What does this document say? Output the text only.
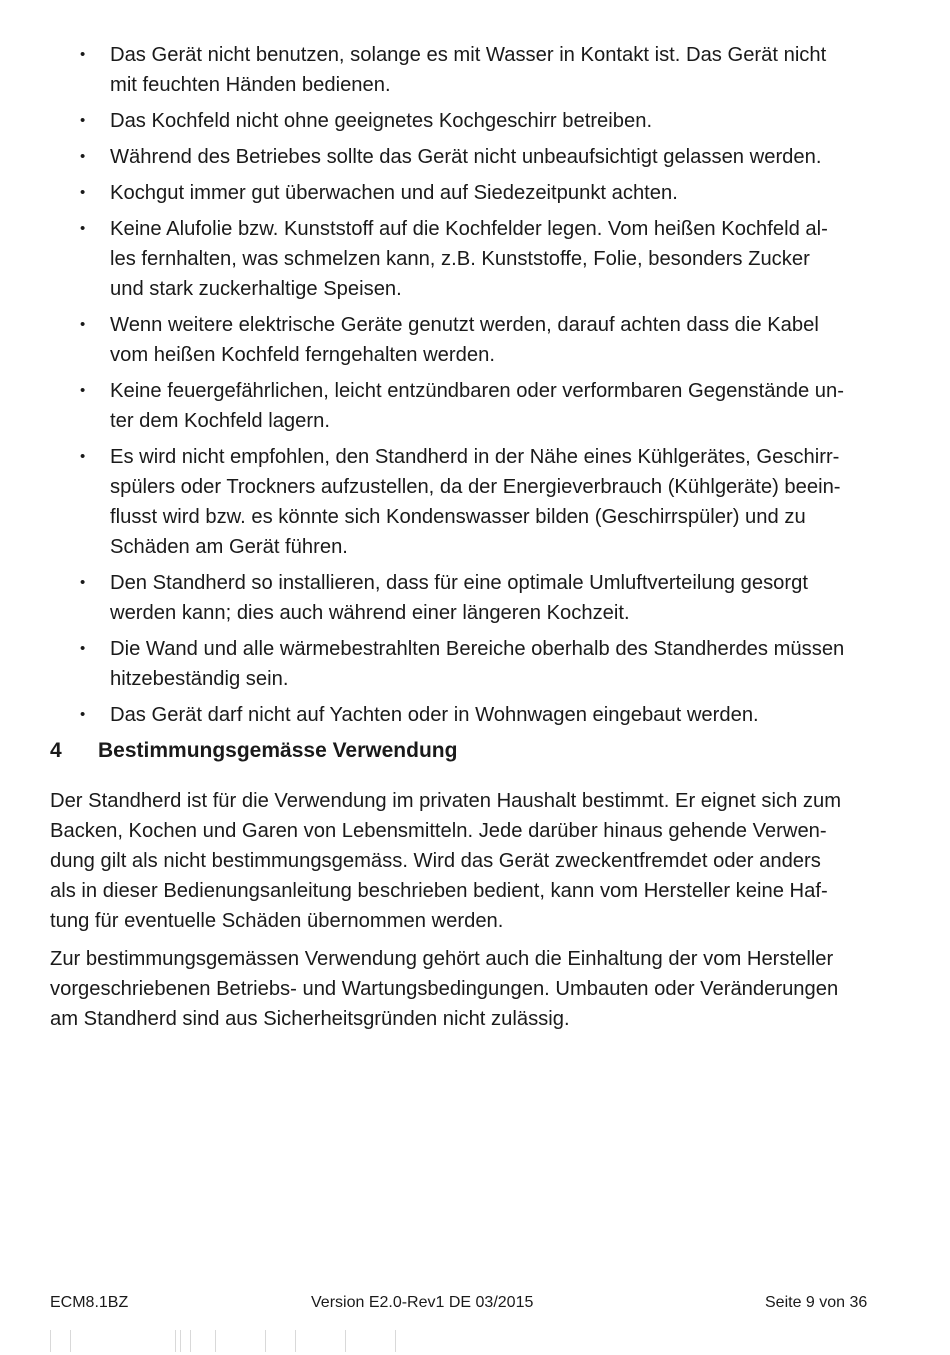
• Das Gerät nicht benutzen, solange es mit Wasser in Kontakt ist. Das Gerät nicht
mit feuchten Händen bedienen.
• Das Kochfeld nicht ohne geeignetes Kochgeschirr betreiben.
• Während des Betriebes sollte das Gerät nicht unbeaufsichtigt gelassen werden.
• Kochgut immer gut überwachen und auf Siedezeitpunkt achten.
• Keine Alufolie bzw. Kunststoff auf die Kochfelder legen. Vom heißen Kochfeld al-
les fernhalten, was schmelzen kann, z.B. Kunststoffe, Folie, besonders Zucker
und stark zuckerhaltige Speisen.
• Wenn weitere elektrische Geräte genutzt werden, darauf achten dass die Kabel
vom heißen Kochfeld ferngehalten werden.
• Keine feuergefährlichen, leicht entzündbaren oder verformbaren Gegenstände un-
ter dem Kochfeld lagern.
• Es wird nicht empfohlen, den Standherd in der Nähe eines Kühlgerätes, Geschirr-
spülers oder Trockners aufzustellen, da der Energieverbrauch (Kühlgeräte) beein-
flusst wird bzw. es könnte sich Kondenswasser bilden (Geschirrspüler) und zu
Schäden am Gerät führen.
• Den Standherd so installieren, dass für eine optimale Umluftverteilung gesorgt
werden kann; dies auch während einer längeren Kochzeit.
• Die Wand und alle wärmebestrahlten Bereiche oberhalb des Standherdes müssen
hitzebeständig sein.
• Das Gerät darf nicht auf Yachten oder in Wohnwagen eingebaut werden.
4 Bestimmungsgemässe Verwendung
Der Standherd ist für die Verwendung im privaten Haushalt bestimmt. Er eignet sich zum
Backen, Kochen und Garen von Lebensmitteln. Jede darüber hinaus gehende Verwen-
dung gilt als nicht bestimmungsgemäss. Wird das Gerät zweckentfremdet oder anders
als in dieser Bedienungsanleitung beschrieben bedient, kann vom Hersteller keine Haf-
tung für eventuelle Schäden übernommen werden.
Zur bestimmungsgemässen Verwendung gehört auch die Einhaltung der vom Hersteller
vorgeschriebenen Betriebs- und Wartungsbedingungen. Umbauten oder Veränderungen
am Standherd sind aus Sicherheitsgründen nicht zulässig.
ECM8.1BZ	Version E2.0-Rev1 DE 03/2015	Seite 9 von 36
